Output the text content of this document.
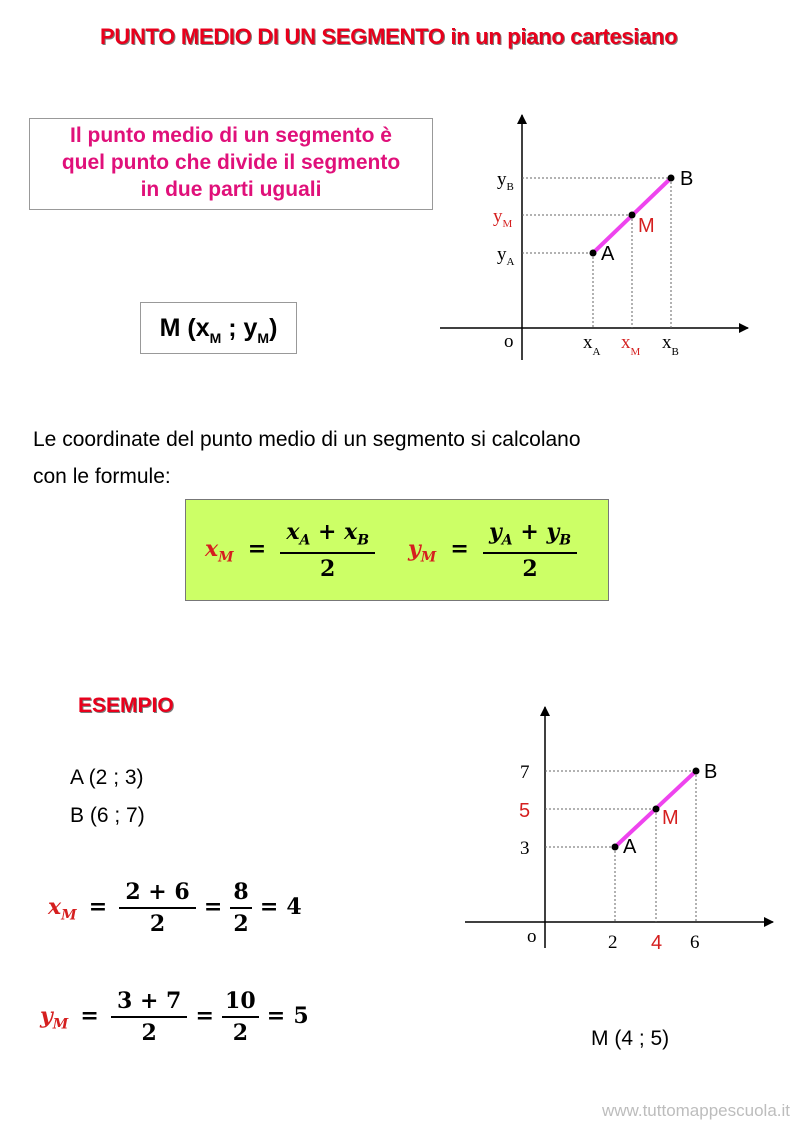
PUNTO MEDIO DI UN SEGMENTO in un piano cartesiano
Il punto medio di un segmento è
quel punto che divide il segmento
in due parti uguali
M ($x_M$ ; $y_M$)
A
M
B
$y_B$
$y_M$
$y_A$
o	$x_A$ $x_M$ $x_B$
Le coordinate del punto medio di un segmento si calcolano
con le formule:
$x_M = \frac{x_A + x_B}{2} y_M = \frac{y_A + y_B}{2}$
ESEMPIO
A (2 ; 3)
B (6 ; 7)
$x_M = \frac{2 + 6}{2} = \frac{8}{2} = 4$
$y_M = \frac{3 + 7}{2} = \frac{10}{2} = 5$
A
M
B
7
5
3
o	2 4 6
M (4 ; 5)
www.tuttomappescuola.it
